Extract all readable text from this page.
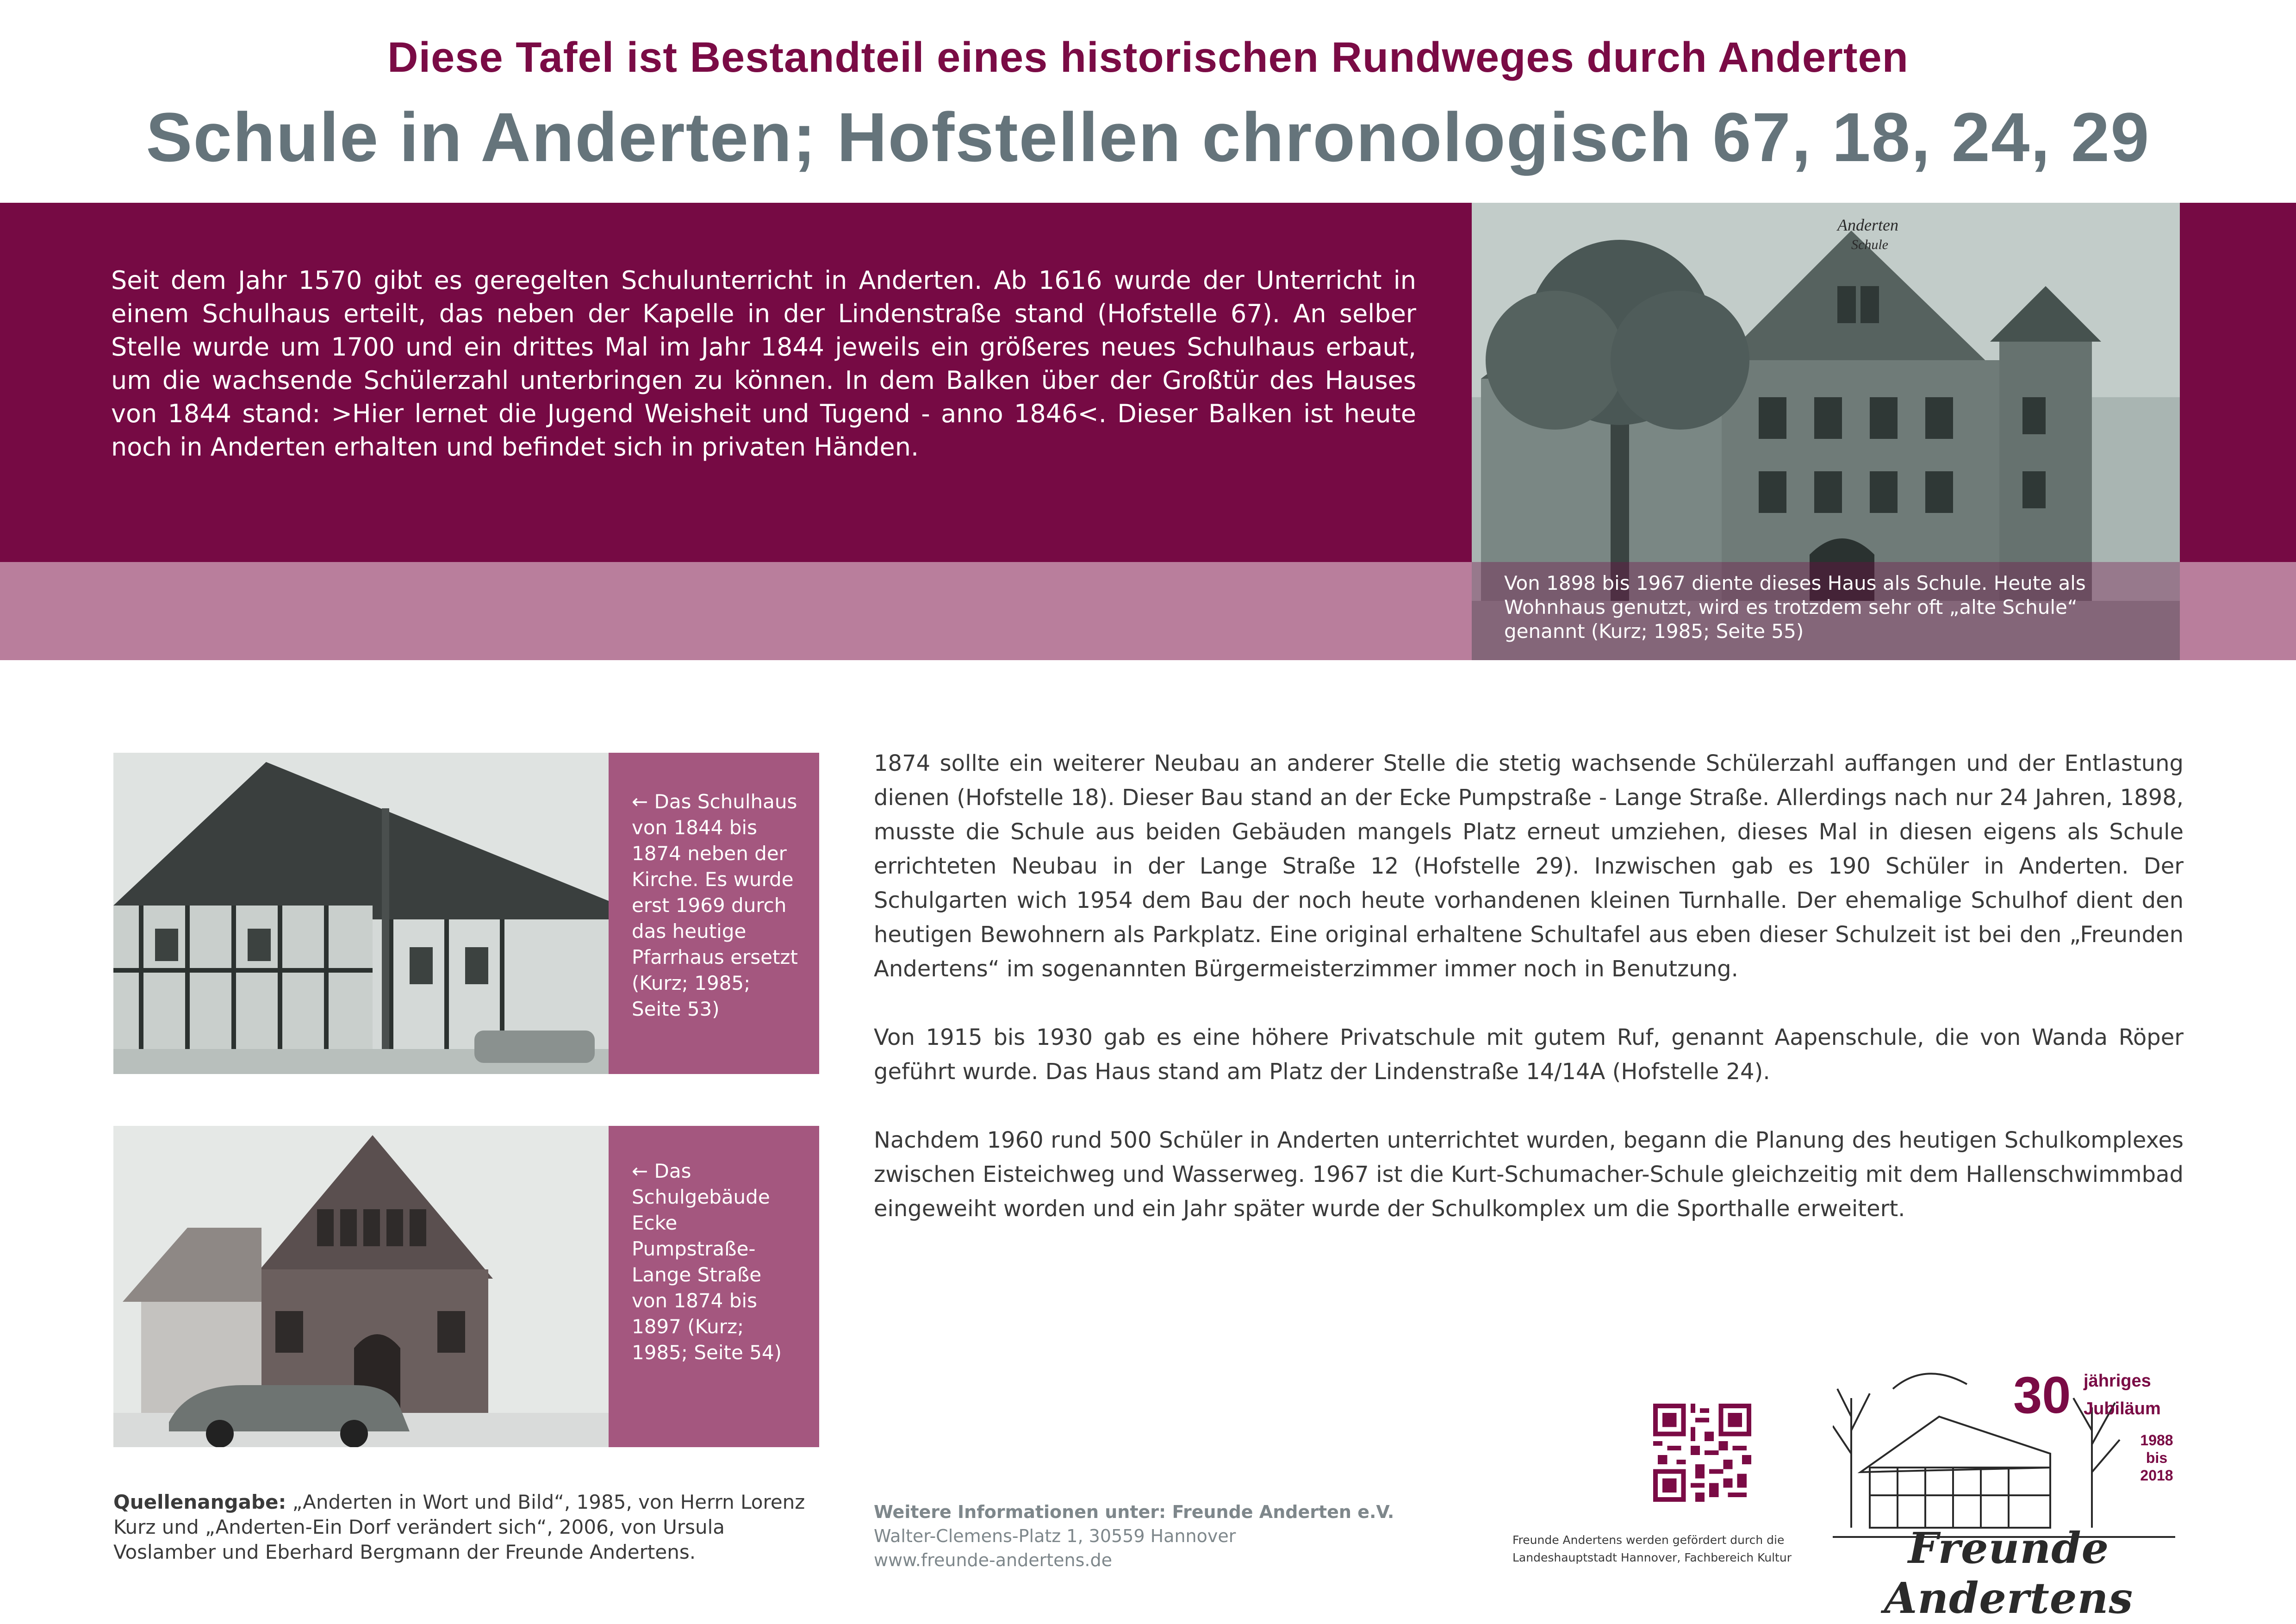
Diese Tafel ist Bestandteil eines historischen Rundweges durch Anderten
Schule in Anderten; Hofstellen chronologisch 67, 18, 24, 29
Seit dem Jahr 1570 gibt es geregelten Schulunterricht in Anderten. Ab 1616 wurde der Unterricht in einem Schulhaus erteilt, das neben der Kapelle in der Lindenstraße stand (Hofstelle 67). An selber Stelle wurde um 1700 und ein drittes Mal im Jahr 1844 jeweils ein größeres neues Schulhaus erbaut, um die wachsende Schülerzahl unterbringen zu können. In dem Balken über der Großtür des Hauses von 1844 stand: >Hier lernet die Jugend Weisheit und Tugend - anno 1846<. Dieser Balken ist heute noch in Anderten erhalten und befindet sich in privaten Händen.
Anderten
Schule
Von 1898 bis 1967 diente dieses Haus als Schule. Heute als Wohnhaus genutzt, wird es trotzdem sehr oft „alte Schule“ genannt (Kurz; 1985; Seite 55)
← Das Schulhaus von 1844 bis 1874 neben der Kirche. Es wurde erst 1969 durch das heutige Pfarrhaus ersetzt (Kurz; 1985; Seite 53)
← Das Schulgebäude Ecke Pumpstraße-Lange Straße von 1874 bis 1897 (Kurz; 1985; Seite 54)

1874 sollte ein weiterer Neubau an anderer Stelle die stetig wachsende Schülerzahl auffangen und der Entlastung dienen (Hofstelle 18). Dieser Bau stand an der Ecke Pumpstraße - Lange Straße. Allerdings nach nur 24 Jahren, 1898, musste die Schule aus beiden Gebäuden mangels Platz erneut umziehen, dieses Mal in diesen eigens als Schule errichteten Neubau in der Lange Straße 12 (Hofstelle 29). Inzwischen gab es 190 Schüler in Anderten. Der Schulgarten wich 1954 dem Bau der noch heute vorhandenen kleinen Turnhalle. Der ehemalige Schulhof dient den heutigen Bewohnern als Parkplatz. Eine original erhaltene Schultafel aus eben dieser Schulzeit ist bei den „Freunden Andertens“ im sogenannten Bürgermeisterzimmer immer noch in Benutzung.

Von 1915 bis 1930 gab es eine höhere Privatschule mit gutem Ruf, genannt Aapenschule, die von Wanda Röper geführt wurde. Das Haus stand am Platz der Lindenstraße 14/14A (Hofstelle 24).

Nachdem 1960 rund 500 Schüler in Anderten unterrichtet wurden, begann die Planung des heutigen Schulkomplexes zwischen Eisteichweg und Wasserweg. 1967 ist die Kurt-Schumacher-Schule gleichzeitig mit dem Hallenschwimmbad eingeweiht worden und ein Jahr später wurde der Schulkomplex um die Sporthalle erweitert.

Quellenangabe: „Anderten in Wort und Bild“, 1985, von Herrn Lorenz Kurz und „Anderten-Ein Dorf verändert sich“, 2006, von Ursula Voslamber und Eberhard Bergmann der Freunde Andertens.
Weitere Informationen unter: Freunde Anderten e.V.
Walter-Clemens-Platz 1, 30559 Hannover
www.freunde-andertens.de
Freunde Andertens werden gefördert durch die
Landeshauptstadt Hannover, Fachbereich Kultur
30 jähriges
Jubiläum
1988
bis
2018
Freunde Andertens
